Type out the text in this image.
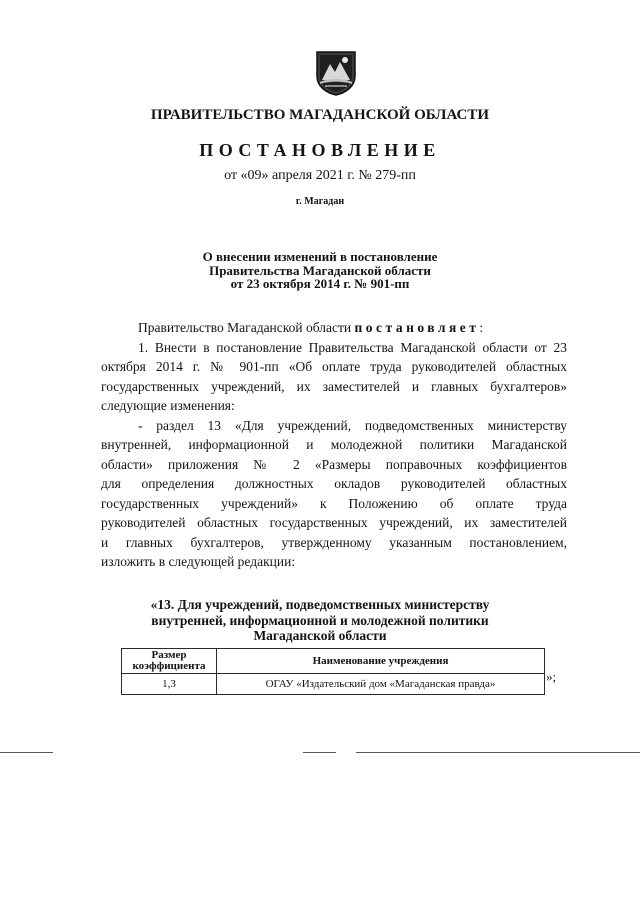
ПРАВИТЕЛЬСТВО МАГАДАНСКОЙ ОБЛАСТИ
ПОСТАНОВЛЕНИЕ
от «09» апреля 2021 г. № 279-пп
г. Магадан
О внесении изменений в постановление
Правительства Магаданской области
от 23 октября 2014 г. № 901-пп

Правительство Магаданской области постановляет:

1. Внести в постановление Правительства Магаданской области от 23 октября 2014 г. № 901-пп «Об оплате труда руководителей областных государственных учреждений, их заместителей и главных бухгалтеров» следующие изменения:

- раздел 13 «Для учреждений, подведомственных министерству
внутренней, информационной и молодежной политики Магаданской
области» приложения № 2 «Размеры поправочных коэффициентов
для определения должностных окладов руководителей областных
государственных учреждений» к Положению об оплате труда
руководителей областных государственных учреждений, их заместителей
и главных бухгалтеров, утвержденному указанным постановлением,
изложить в следующей редакции:
«13. Для учреждений, подведомственных министерству
внутренней, информационной и молодежной политики
Магаданской области
Размер
коэффициента	Наименование учреждения
1,3	ОГАУ «Издательский дом «Магаданская правда»	»;
